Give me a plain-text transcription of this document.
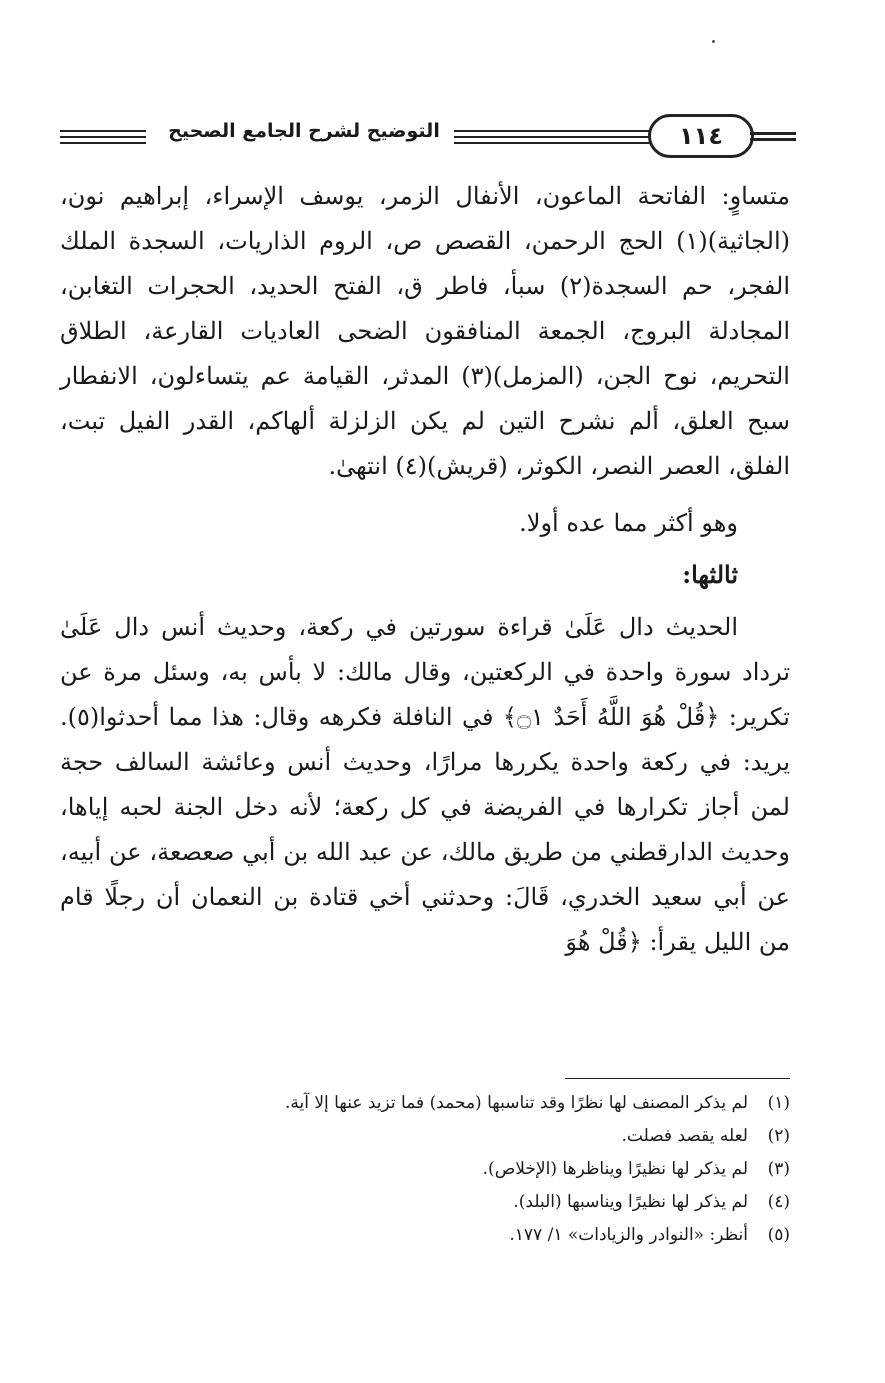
التوضيح لشرح الجامع الصحيح	١١٤

متساوٍ: الفاتحة الماعون، الأنفال الزمر، يوسف الإسراء، إبراهيم نون، (الجاثية)(١) الحج الرحمن، القصص ص، الروم الذاريات، السجدة الملك الفجر، حم السجدة(٢) سبأ، فاطر ق، الفتح الحديد، الحجرات التغابن، المجادلة البروج، الجمعة المنافقون الضحى العاديات القارعة، الطلاق التحريم، نوح الجن، (المزمل)(٣) المدثر، القيامة عم يتساءلون، الانفطار سبح العلق، ألم نشرح التين لم يكن الزلزلة ألهاكم، القدر الفيل تبت، الفلق، العصر النصر، الكوثر، (قريش)(٤) انتهىٰ.

وهو أكثر مما عده أولا.

ثالثها:

الحديث دال عَلَىٰ قراءة سورتين في ركعة، وحديث أنس دال عَلَىٰ ترداد سورة واحدة في الركعتين، وقال مالك: لا بأس به، وسئل مرة عن تكرير: ﴿قُلْ هُوَ اللَّهُ أَحَدٌ ۝١﴾ في النافلة فكرهه وقال: هذا مما أحدثوا(٥). يريد: في ركعة واحدة يكررها مرارًا، وحديث أنس وعائشة السالف حجة لمن أجاز تكرارها في الفريضة في كل ركعة؛ لأنه دخل الجنة لحبه إياها، وحديث الدارقطني من طريق مالك، عن عبد الله بن أبي صعصعة، عن أبيه، عن أبي سعيد الخدري، قَالَ: وحدثني أخي قتادة بن النعمان أن رجلًا قام من الليل يقرأ: ﴿قُلْ هُوَ

(١)
لم يذكر المصنف لها نظرًا وقد تناسبها (محمد) فما تزيد عنها إلا آية.
(٢)
لعله يقصد فصلت.
(٣)
لم يذكر لها نظيرًا ويناظرها (الإخلاص).
(٤)
لم يذكر لها نظيرًا ويناسبها (البلد).
(٥)
أنظر: «النوادر والزيادات» ١/ ١٧٧.
